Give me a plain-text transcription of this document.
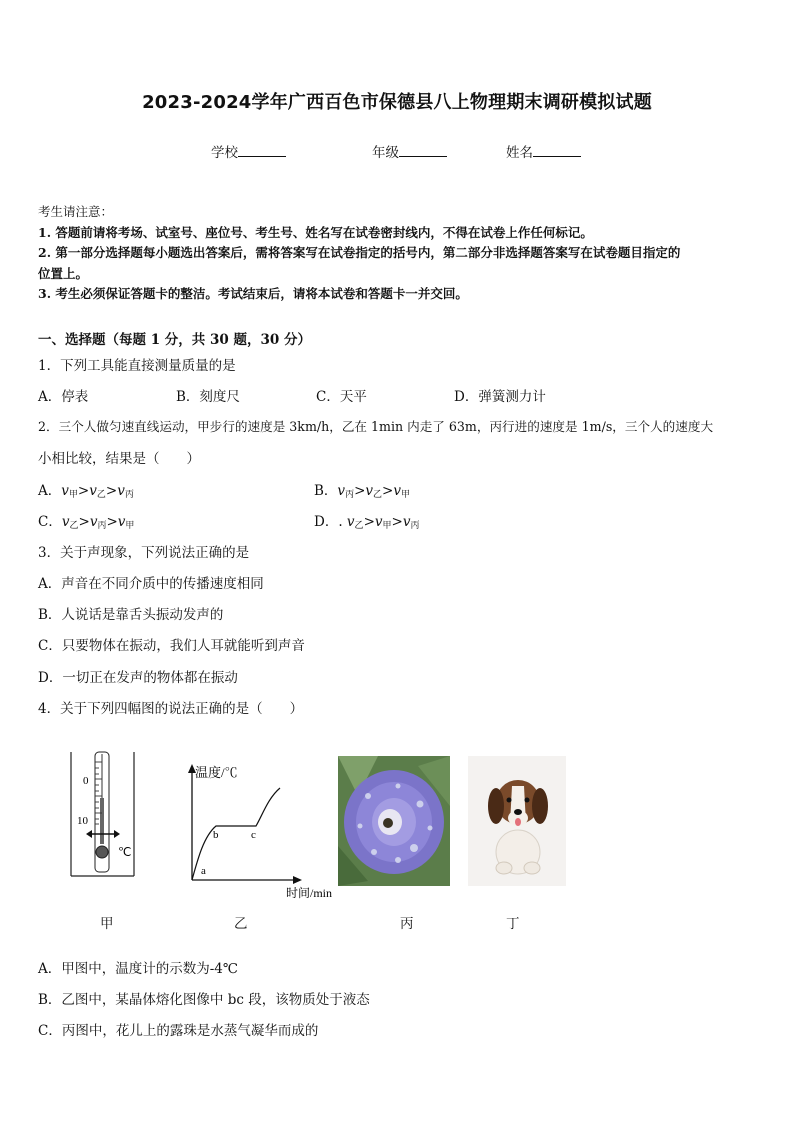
2023-2024学年广西百色市保德县八上物理期末调研模拟试题
学校	年级	姓名
考生请注意：
1. 答题前请将考场、试室号、座位号、考生号、姓名写在试卷密封线内，不得在试卷上作任何标记。
2. 第一部分选择题每小题选出答案后，需将答案写在试卷指定的括号内，第二部分非选择题答案写在试卷题目指定的
位置上。
3. 考生必须保证答题卡的整洁。考试结束后，请将本试卷和答题卡一并交回。
一、选择题（每题 1 分，共 30 题，30 分）
1．下列工具能直接测量质量的是
A．停表	B．刻度尺	C．天平	D．弹簧测力计
2．三个人做匀速直线运动，甲步行的速度是 3km/h，乙在 1min 内走了 63m，丙行进的速度是 1m/s，三个人的速度大
小相比较，结果是（　　）
A．$v_甲>v_乙>v_丙$	B．$v_丙>v_乙>v_甲$
C．$v_乙>v_丙>v_甲$	D．. $v_乙>v_甲>v_丙$
3．关于声现象，下列说法正确的是
A．声音在不同介质中的传播速度相同
B．人说话是靠舌头振动发声的
C．只要物体在振动，我们人耳就能听到声音
D．一切正在发声的物体都在振动
4．关于下列四幅图的说法正确的是（　　）
0
10
℃
温度/℃
时间/min
a
b	c
甲	乙	丙	丁
A．甲图中，温度计的示数为-4℃
B．乙图中，某晶体熔化图像中 bc 段，该物质处于液态
C．丙图中，花儿上的露珠是水蒸气凝华而成的
